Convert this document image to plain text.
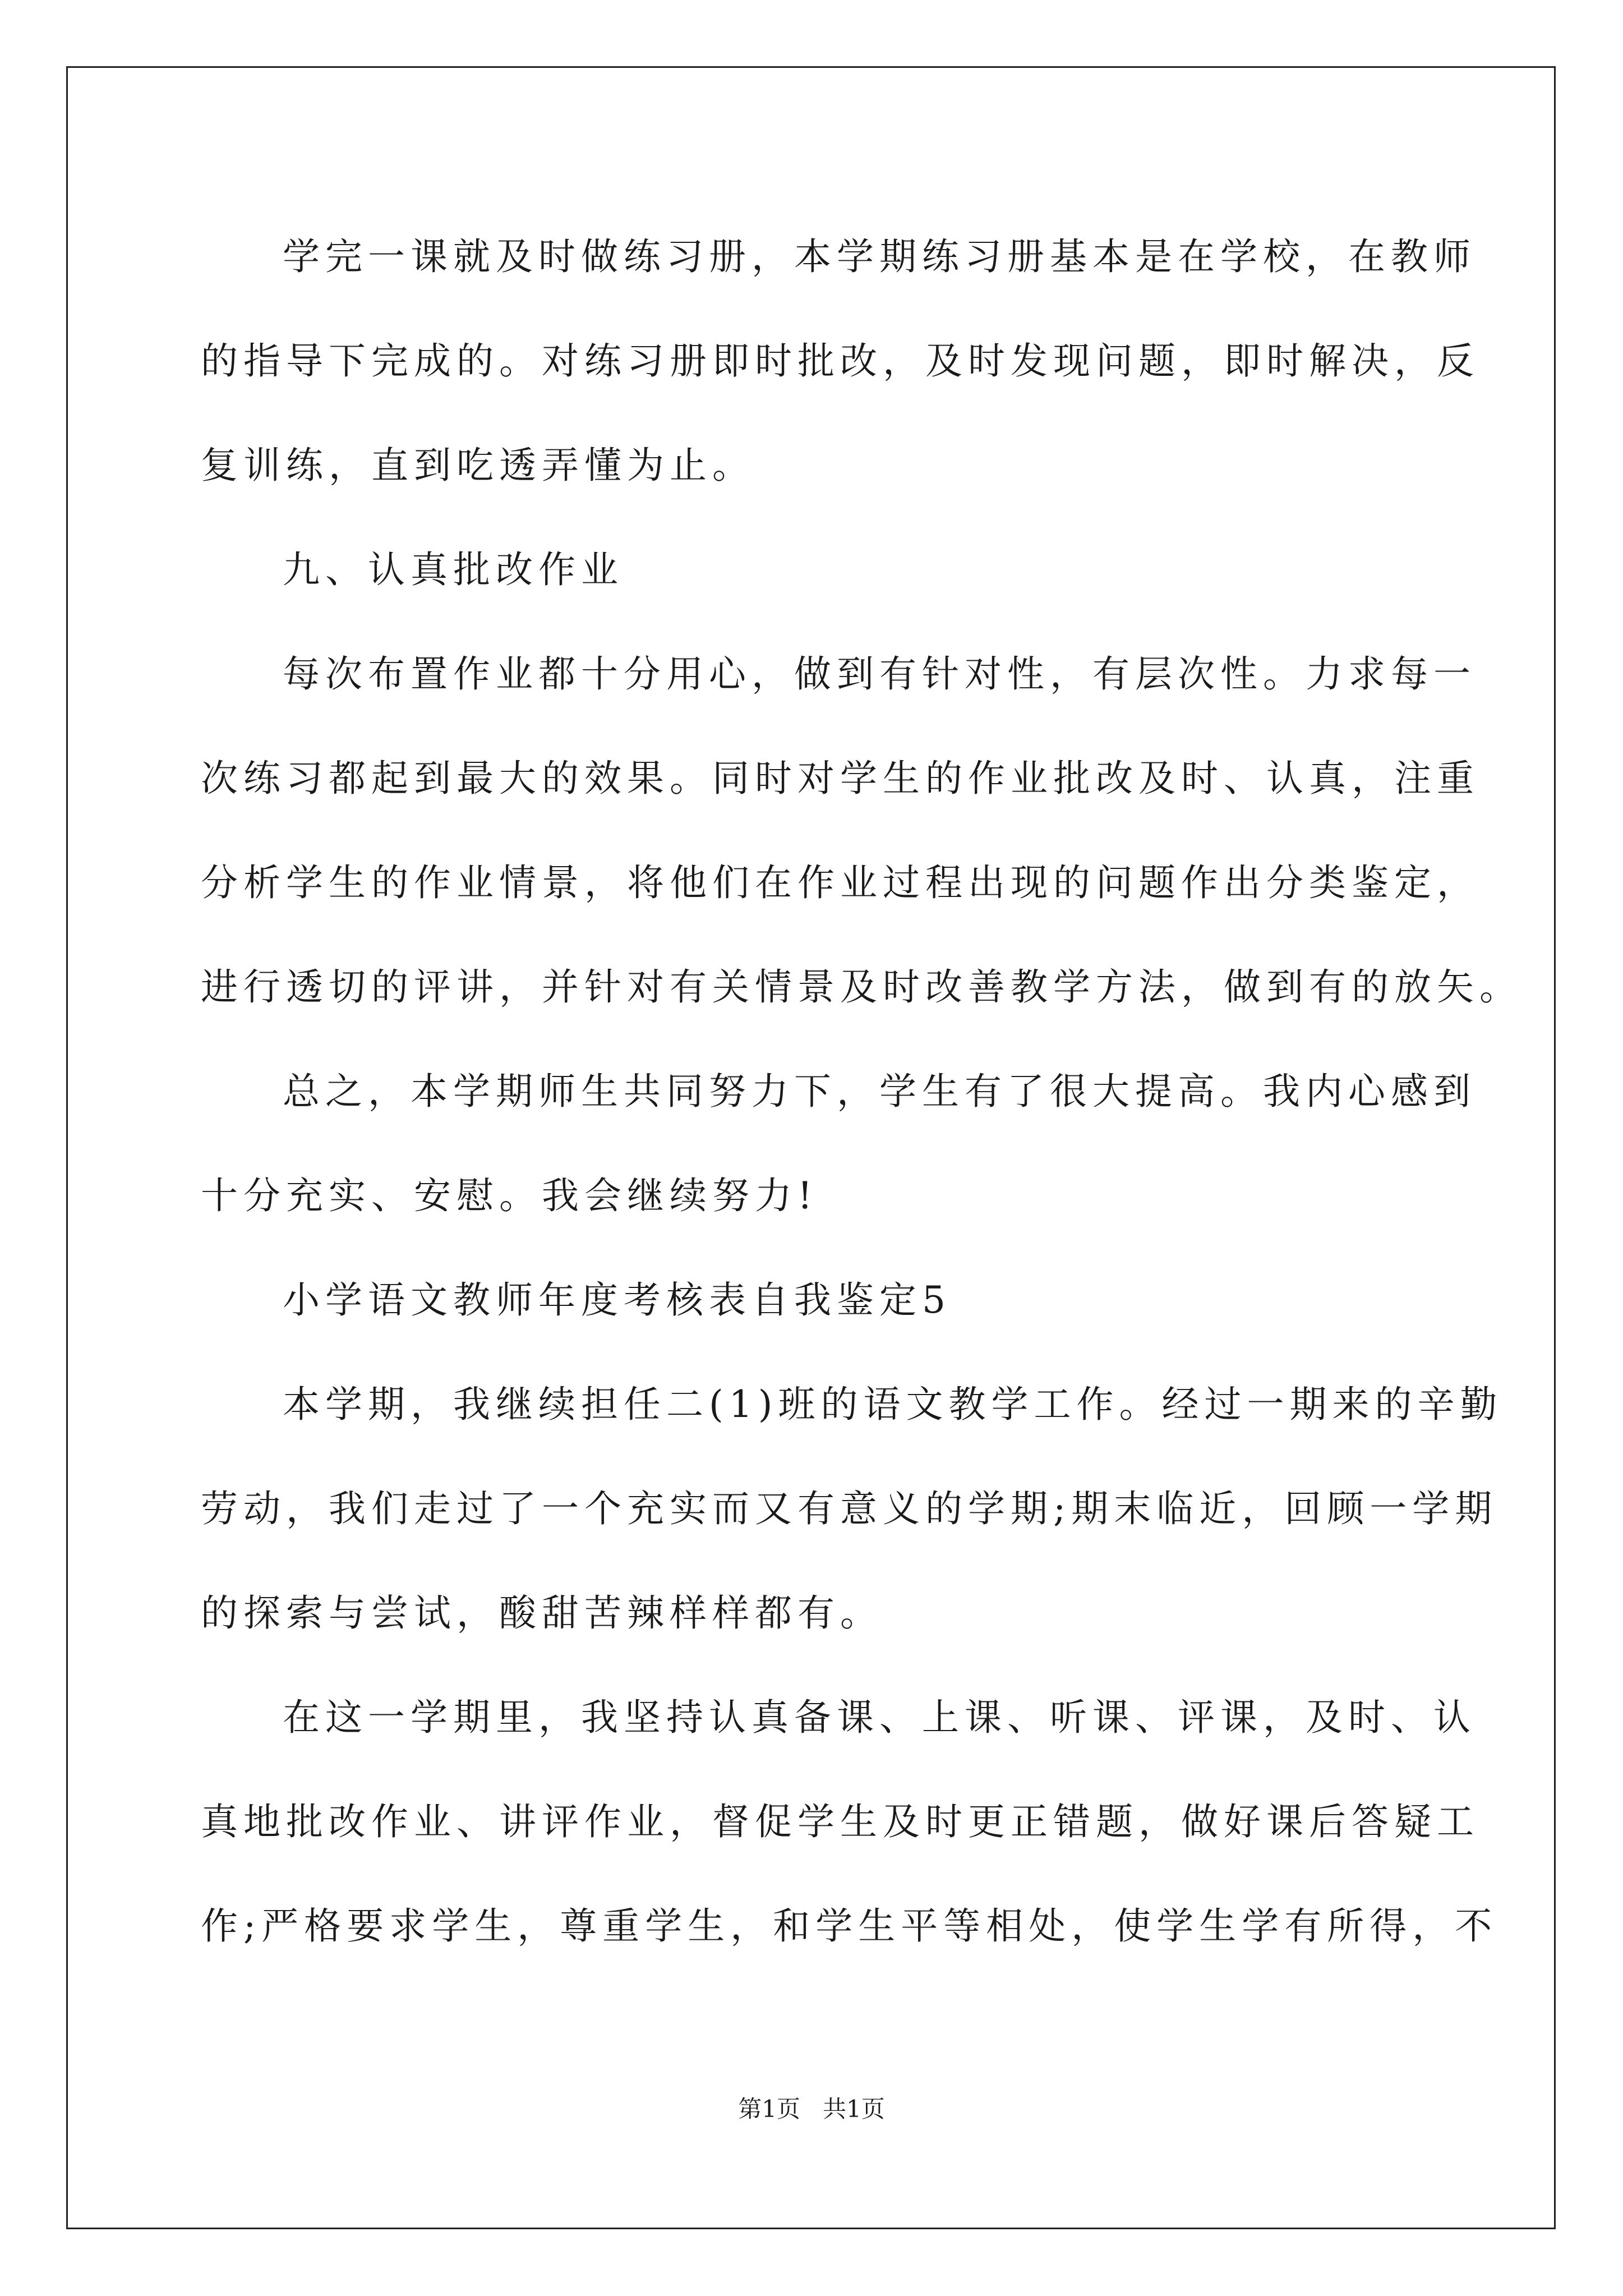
学完一课就及时做练习册，本学期练习册基本是在学校，在教师
的指导下完成的。对练习册即时批改，及时发现问题，即时解决，反
复训练，直到吃透弄懂为止。
九、认真批改作业
每次布置作业都十分用心，做到有针对性，有层次性。力求每一
次练习都起到最大的效果。同时对学生的作业批改及时、认真，注重
分析学生的作业情景，将他们在作业过程出现的问题作出分类鉴定，
进行透切的评讲，并针对有关情景及时改善教学方法，做到有的放矢。
总之，本学期师生共同努力下，学生有了很大提高。我内心感到
十分充实、安慰。我会继续努力!
小学语文教师年度考核表自我鉴定5
本学期，我继续担任二(1)班的语文教学工作。经过一期来的辛勤
劳动，我们走过了一个充实而又有意义的学期;期末临近，回顾一学期
的探索与尝试，酸甜苦辣样样都有。
在这一学期里，我坚持认真备课、上课、听课、评课，及时、认
真地批改作业、讲评作业，督促学生及时更正错题，做好课后答疑工
作;严格要求学生，尊重学生，和学生平等相处，使学生学有所得，不
第1页   共1页
